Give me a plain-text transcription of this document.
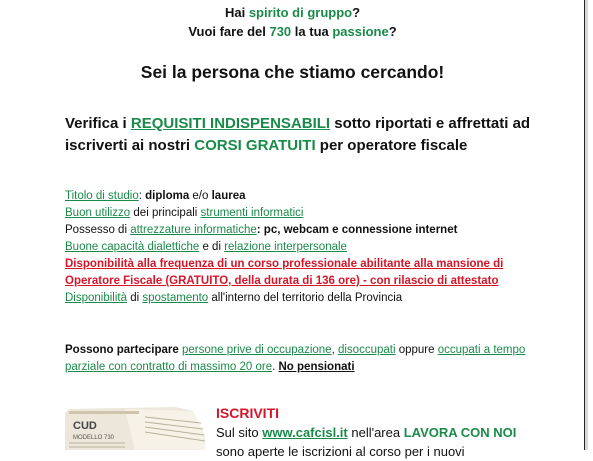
Hai spirito di gruppo?
Vuoi fare del 730 la tua passione?
Sei la persona che stiamo cercando!
Verifica i REQUISITI INDISPENSABILI sotto riportati e affrettati ad iscriverti ai nostri CORSI GRATUITI per operatore fiscale
Titolo di studio: diploma e/o laurea
Buon utilizzo dei principali strumenti informatici
Possesso di attrezzature informatiche: pc, webcam e connessione internet
Buone capacità dialettiche e di relazione interpersonale
Disponibilità alla frequenza di un corso professionale abilitante alla mansione di Operatore Fiscale (GRATUITO, della durata di 136 ore) - con rilascio di attestato
Disponibilità di spostamento all'interno del territorio della Provincia
Possono partecipare persone prive di occupazione, disoccupati oppure occupati a tempo parziale con contratto di massimo 20 ore. No pensionati
CUD
MODELLO 730
ISCRIVITI
Sul sito www.cafcisl.it nell'area LAVORA CON NOI
sono aperte le iscrizioni al corso per i nuovi
